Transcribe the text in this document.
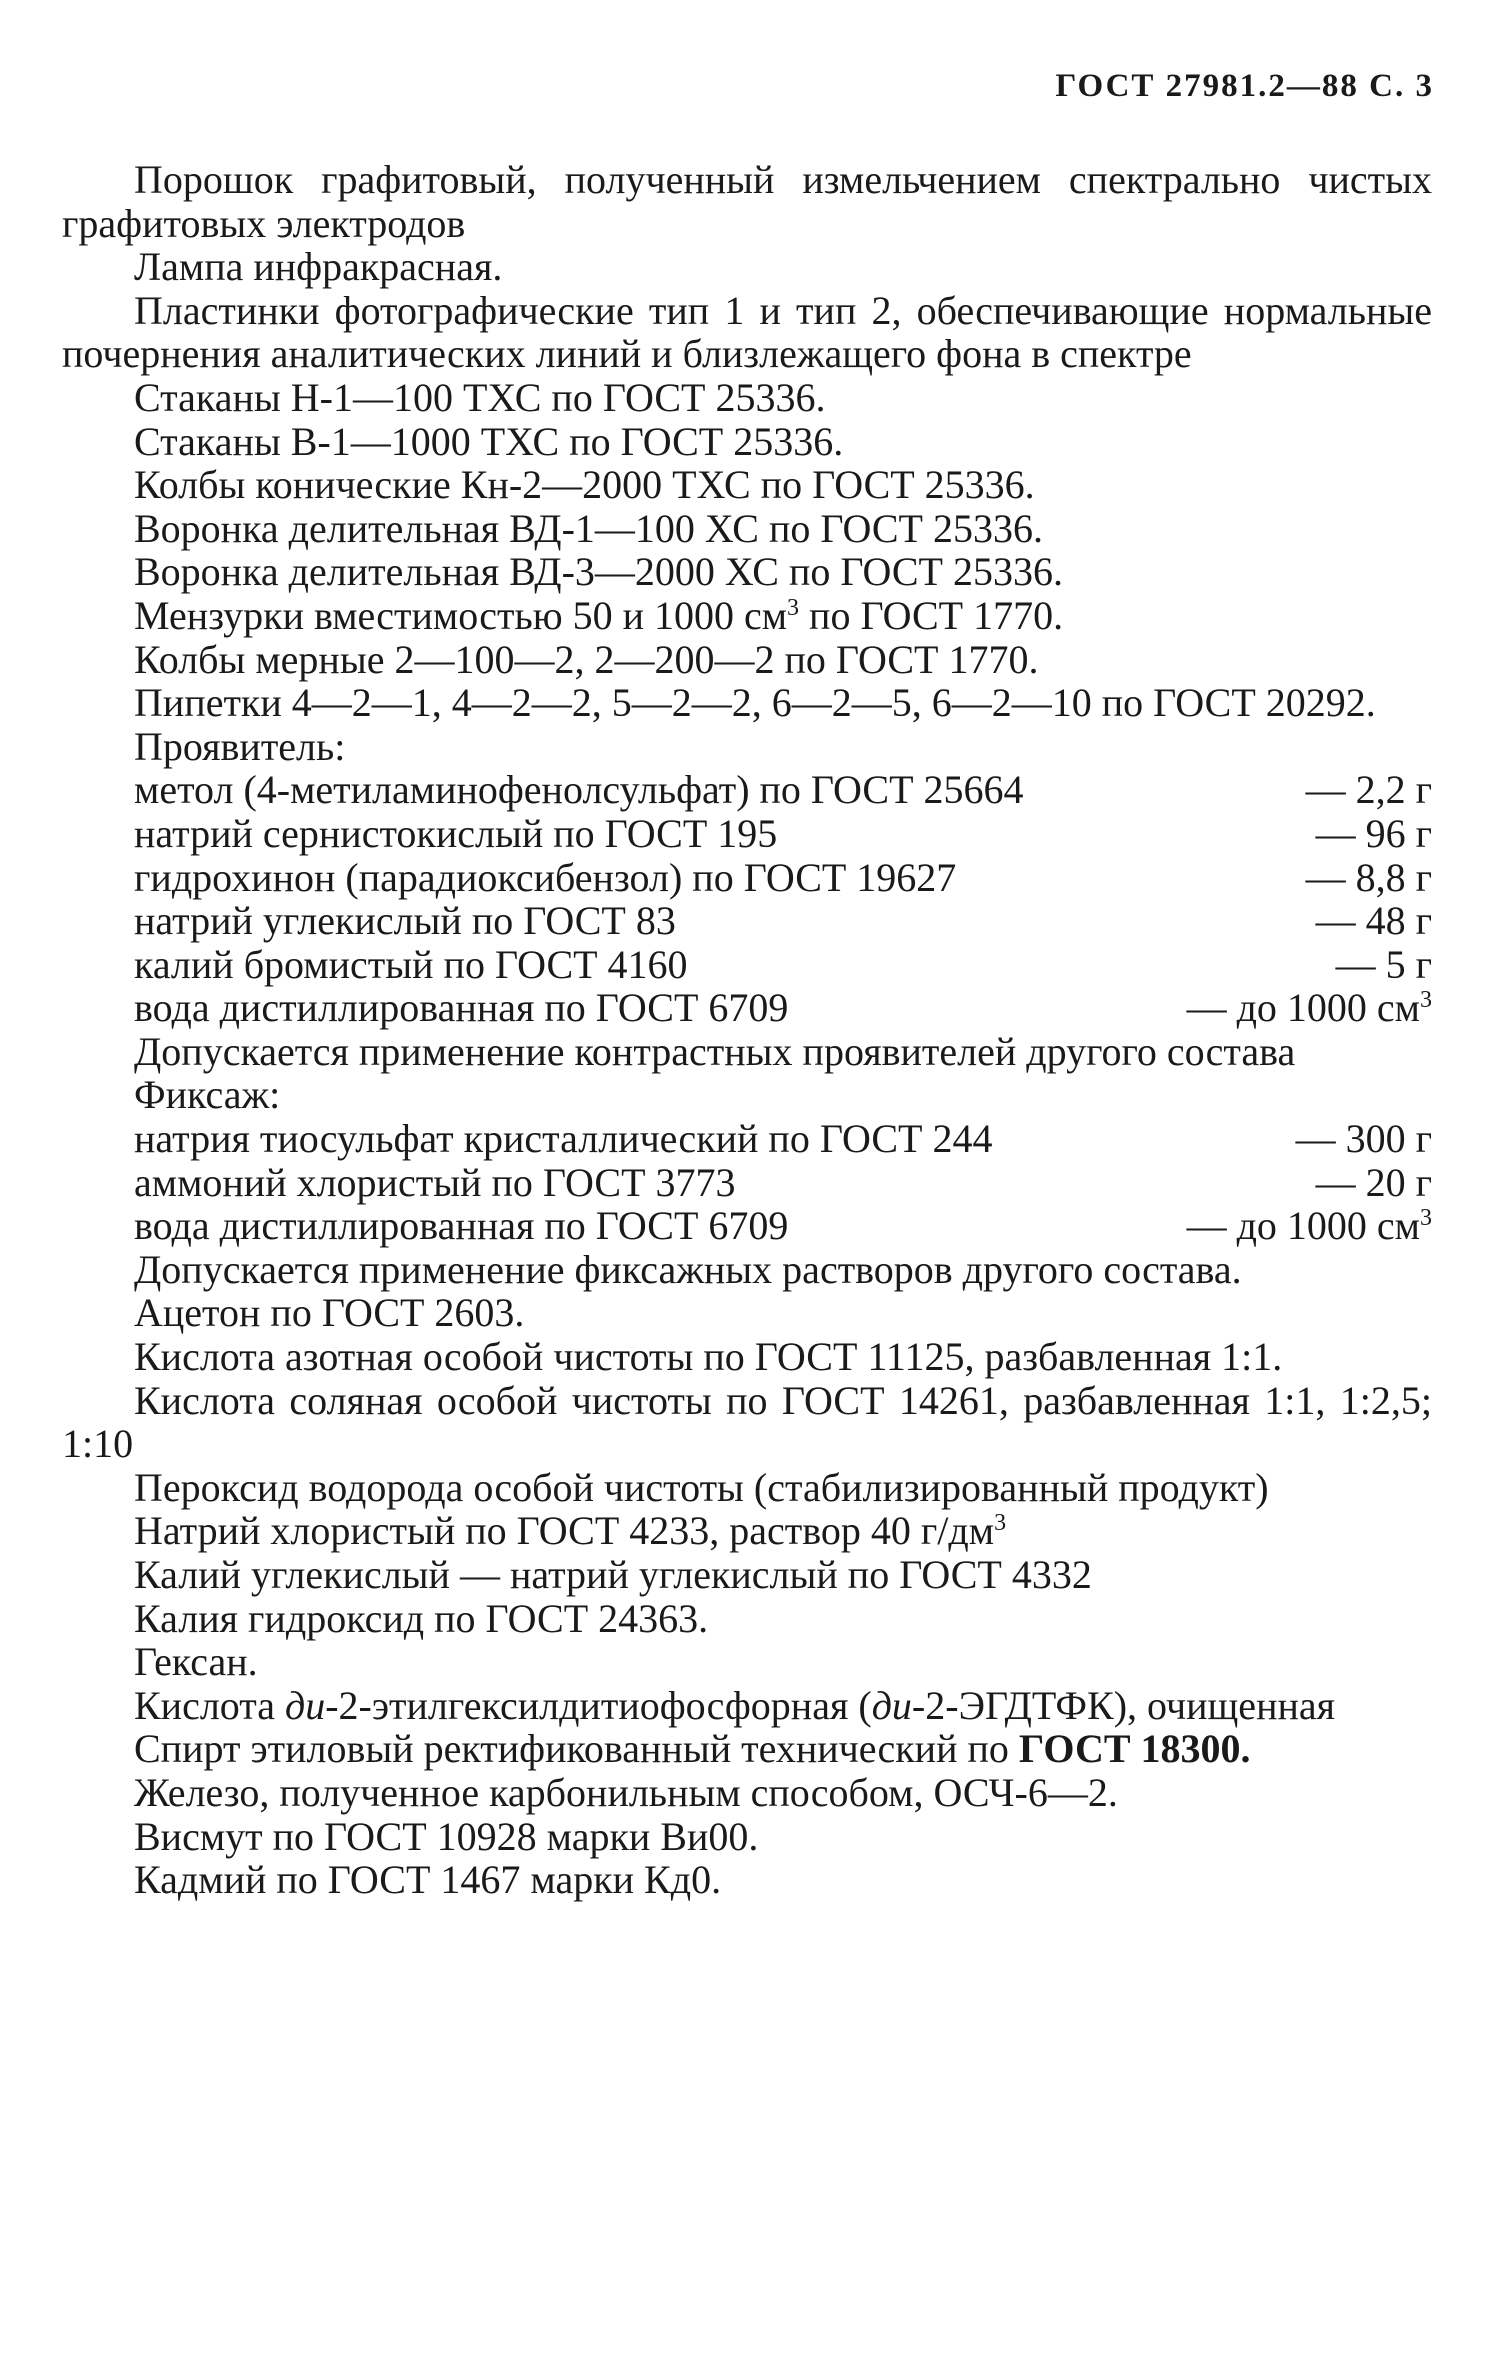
ГОСТ 27981.2—88 С. 3

Порошок графитовый, полученный измельчением спектрально чистых графитовых электродов

Лампа инфракрасная.

Пластинки фотографические тип 1 и тип 2, обеспечивающие нормальные почернения аналитических линий и близлежащего фона в спектре

Стаканы Н-1—100 ТХС по ГОСТ 25336.

Стаканы В-1—1000 ТХС по ГОСТ 25336.

Колбы конические Кн-2—2000 ТХС по ГОСТ 25336.

Воронка делительная ВД-1—100 ХС по ГОСТ 25336.

Воронка делительная ВД-3—2000 ХС по ГОСТ 25336.

Мензурки вместимостью 50 и 1000 $см^3$ по ГОСТ 1770.

Колбы мерные 2—100—2, 2—200—2 по ГОСТ 1770.

Пипетки 4—2—1, 4—2—2, 5—2—2, 6—2—5, 6—2—10 по ГОСТ 20292.

Проявитель:

метол (4-метиламинофенолсульфат) по ГОСТ 25664	— 2,2 г
натрий сернистокислый по ГОСТ 195	— 96 г
гидрохинон (парадиоксибензол) по ГОСТ 19627	— 8,8 г
натрий углекислый по ГОСТ 83	— 48 г
калий бромистый по ГОСТ 4160	— 5 г
вода дистиллированная по ГОСТ 6709	— до 1000 $см^3$

Допускается применение контрастных проявителей другого состава

Фиксаж:

натрия тиосульфат кристаллический по ГОСТ 244	— 300 г
аммоний хлористый по ГОСТ 3773	— 20 г
вода дистиллированная по ГОСТ 6709	— до 1000 $см^3$

Допускается применение фиксажных растворов другого состава.

Ацетон по ГОСТ 2603.

Кислота азотная особой чистоты по ГОСТ 11125, разбавленная 1:1.

Кислота соляная особой чистоты по ГОСТ 14261, разбавленная 1:1, 1:2,5; 1:10

Пероксид водорода особой чистоты (стабилизированный продукт)

Натрий хлористый по ГОСТ 4233, раствор 40 $г/дм^3$

Калий углекислый — натрий углекислый по ГОСТ 4332

Калия гидроксид по ГОСТ 24363.

Гексан.

Кислота ди-2-этилгексилдитиофосфорная (ди-2-ЭГДТФК), очищенная

Спирт этиловый ректификованный технический по ГОСТ 18300.

Железо, полученное карбонильным способом, ОСЧ-6—2.

Висмут по ГОСТ 10928 марки Ви00.

Кадмий по ГОСТ 1467 марки Кд0.
